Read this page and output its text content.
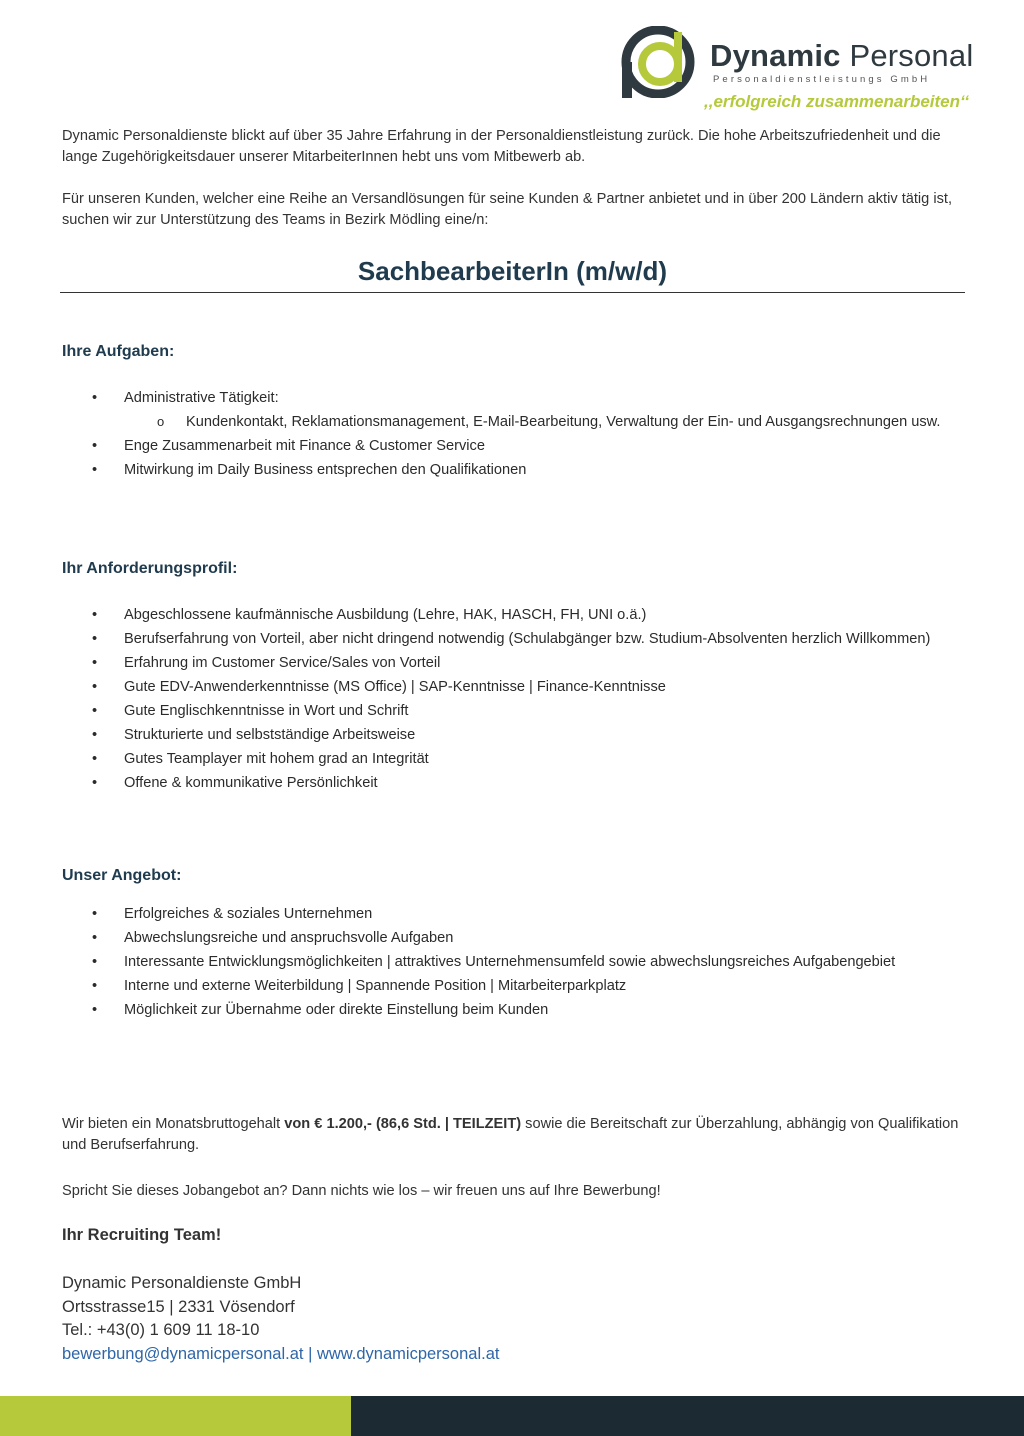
Dynamic Personal
Personaldienstleistungs GmbH
,,erfolgreich zusammenarbeiten‘‘
Dynamic Personaldienste blickt auf über 35 Jahre Erfahrung in der Personaldienstleistung zurück. Die hohe Arbeitszufriedenheit und die lange Zugehörigkeitsdauer unserer MitarbeiterInnen hebt uns vom Mitbewerb ab.
Für unseren Kunden, welcher eine Reihe an Versandlösungen für seine Kunden & Partner anbietet und in über 200 Ländern aktiv tätig ist, suchen wir zur Unterstützung des Teams in Bezirk Mödling eine/n:
SachbearbeiterIn (m/w/d)
Ihre Aufgaben:
• Administrative Tätigkeit:
o Kundenkontakt, Reklamationsmanagement, E-Mail-Bearbeitung, Verwaltung der Ein- und Ausgangsrechnungen usw.
• Enge Zusammenarbeit mit Finance & Customer Service
• Mitwirkung im Daily Business entsprechen den Qualifikationen
Ihr Anforderungsprofil:
• Abgeschlossene kaufmännische Ausbildung (Lehre, HAK, HASCH, FH, UNI o.ä.)
• Berufserfahrung von Vorteil, aber nicht dringend notwendig (Schulabgänger bzw. Studium-Absolventen herzlich Willkommen)
• Erfahrung im Customer Service/Sales von Vorteil
• Gute EDV-Anwenderkenntnisse (MS Office) | SAP-Kenntnisse | Finance-Kenntnisse
• Gute Englischkenntnisse in Wort und Schrift
• Strukturierte und selbstständige Arbeitsweise
• Gutes Teamplayer mit hohem grad an Integrität
• Offene & kommunikative Persönlichkeit
Unser Angebot:
• Erfolgreiches & soziales Unternehmen
• Abwechslungsreiche und anspruchsvolle Aufgaben
• Interessante Entwicklungsmöglichkeiten | attraktives Unternehmensumfeld sowie abwechslungsreiches Aufgabengebiet
• Interne und externe Weiterbildung | Spannende Position | Mitarbeiterparkplatz
• Möglichkeit zur Übernahme oder direkte Einstellung beim Kunden
Wir bieten ein Monatsbruttogehalt von € 1.200,- (86,6 Std. | TEILZEIT) sowie die Bereitschaft zur Überzahlung, abhängig von Qualifikation und Berufserfahrung.
Spricht Sie dieses Jobangebot an? Dann nichts wie los – wir freuen uns auf Ihre Bewerbung!
Ihr Recruiting Team!
Dynamic Personaldienste GmbH
Ortsstrasse15 | 2331 Vösendorf
Tel.: +43(0) 1 609 11 18-10
bewerbung@dynamicpersonal.at | www.dynamicpersonal.at
